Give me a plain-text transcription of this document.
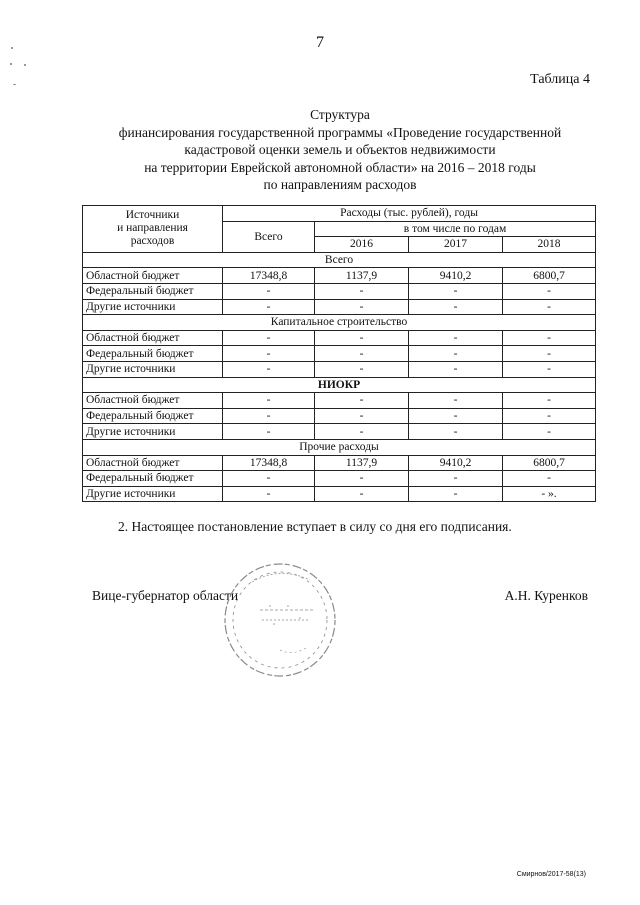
7
Таблица 4
Структура
финансирования государственной программы «Проведение государственной
кадастровой оценки земель и объектов недвижимости
на территории Еврейской автономной области» на 2016 – 2018 годы
по направлениям расходов
Источники
и направления
расходов	Расходы (тыс. рублей), годы			
	Всего	в том числе по годам		
		2016	2017	2018
Всего				
Областной бюджет	17348,8	1137,9	9410,2	6800,7
Федеральный бюджет	-	-	-	-
Другие источники	-	-	-	-
Капитальное строительство				
Областной бюджет	-	-	-	-
Федеральный бюджет	-	-	-	-
Другие источники	-	-	-	-
НИОКР				
Областной бюджет	-	-	-	-
Федеральный бюджет	-	-	-	-
Другие источники	-	-	-	-
Прочие расходы				
Областной бюджет	17348,8	1137,9	9410,2	6800,7
Федеральный бюджет	-	-	-	-
Другие источники	-	-	-	- ».
2. Настоящее постановление вступает в силу со дня его подписания.
Вице-губернатор области	А.Н. Куренков
Смирнов/2017-58(13)
